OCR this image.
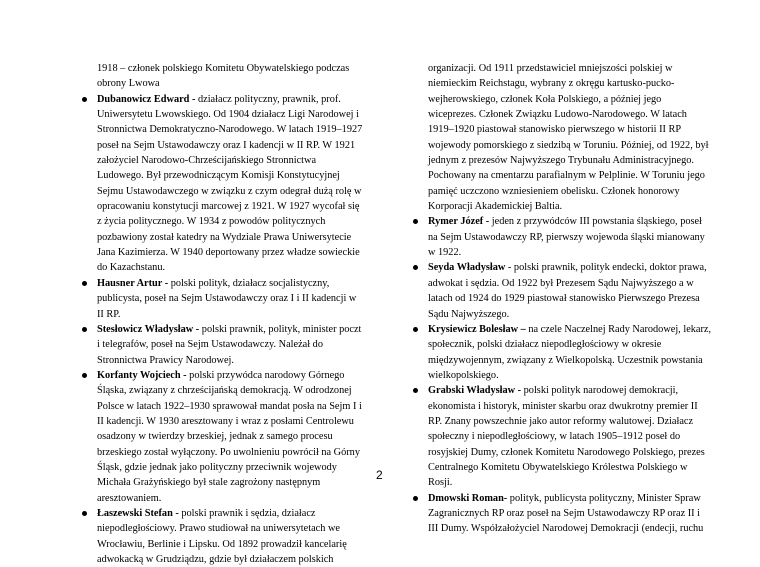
1918 – członek polskiego Komitetu Obywatelskiego podczas obrony Lwowa

Dubanowicz Edward - działacz polityczny, prawnik, prof. Uniwersytetu Lwowskiego. Od 1904 działacz Ligi Narodowej i Stronnictwa Demokratyczno-Narodowego. W latach 1919–1927 poseł na Sejm Ustawodawczy oraz I kadencji w II RP. W 1921 założyciel Narodowo-Chrześcijańskiego Stronnictwa Ludowego. Był przewodniczącym Komisji Konstytucyjnej Sejmu Ustawodawczego w związku z czym odegrał dużą rolę w opracowaniu konstytucji marcowej z 1921. W 1927 wycofał się z życia politycznego. W 1934 z powodów politycznych pozbawiony został katedry na Wydziale Prawa Uniwersytecie Jana Kazimierza. W 1940 deportowany przez władze sowieckie do Kazachstanu.
Hausner Artur - polski polityk, działacz socjalistyczny, publicysta, poseł na Sejm Ustawodawczy oraz I i II kadencji w II RP.
Stesłowicz Władysław - polski prawnik, polityk, minister poczt i telegrafów, poseł na Sejm Ustawodawczy. Należał do Stronnictwa Prawicy Narodowej.
Korfanty Wojciech - polski przywódca narodowy Górnego Śląska, związany z chrześcijańską demokracją. W odrodzonej Polsce w latach 1922–1930 sprawował mandat posła na Sejm I i II kadencji. W 1930 aresztowany i wraz z posłami Centrolewu osadzony w twierdzy brzeskiej, jednak z samego procesu brzeskiego został wyłączony. Po uwolnieniu powrócił na Górny Śląsk, gdzie jednak jako polityczny przeciwnik wojewody Michała Grażyńskiego był stale zagrożony następnym aresztowaniem.
Łaszewski Stefan - polski prawnik i sędzia, działacz niepodległościowy. Prawo studiował na uniwersytetach we Wrocławiu, Berlinie i Lipsku. Od 1892 prowadził kancelarię adwokacką w Grudziądzu, gdzie był działaczem polskich

organizacji. Od 1911 przedstawiciel mniejszości polskiej w niemieckim Reichstagu, wybrany z okręgu kartusko-pucko-wejherowskiego, członek Koła Polskiego, a później jego wiceprezes. Członek Związku Ludowo-Narodowego. W latach 1919–1920 piastował stanowisko pierwszego w historii II RP wojewody pomorskiego z siedzibą w Toruniu. Później, od 1922, był jednym z prezesów Najwyższego Trybunału Administracyjnego. Pochowany na cmentarzu parafialnym w Pelplinie. W Toruniu jego pamięć uczczono wzniesieniem obelisku. Członek honorowy Korporacji Akademickiej Baltia.

Rymer Józef - jeden z przywódców III powstania śląskiego, poseł na Sejm Ustawodawczy RP, pierwszy wojewoda śląski mianowany w 1922.
Seyda Władysław - polski prawnik, polityk endecki, doktor prawa, adwokat i sędzia. Od 1922 był Prezesem Sądu Najwyższego a w latach od 1924 do 1929 piastował stanowisko Pierwszego Prezesa Sądu Najwyższego.
Krysiewicz Bolesław – na czele Naczelnej Rady Narodowej, lekarz, społecznik, polski działacz niepodległościowy w okresie międzywojennym, związany z Wielkopolską. Uczestnik powstania wielkopolskiego.
Grabski Władysław - polski polityk narodowej demokracji, ekonomista i historyk, minister skarbu oraz dwukrotny premier II RP. Znany powszechnie jako autor reformy walutowej. Działacz społeczny i niepodległościowy, w latach 1905–1912 poseł do rosyjskiej Dumy, członek Komitetu Narodowego Polskiego, prezes Centralnego Komitetu Obywatelskiego Królestwa Polskiego w Rosji.
Dmowski Roman- polityk, publicysta polityczny, Minister Spraw Zagranicznych RP oraz poseł na Sejm Ustawodawczy RP oraz II i III Dumy. Współzałożyciel Narodowej Demokracji (endecji, ruchu
2
